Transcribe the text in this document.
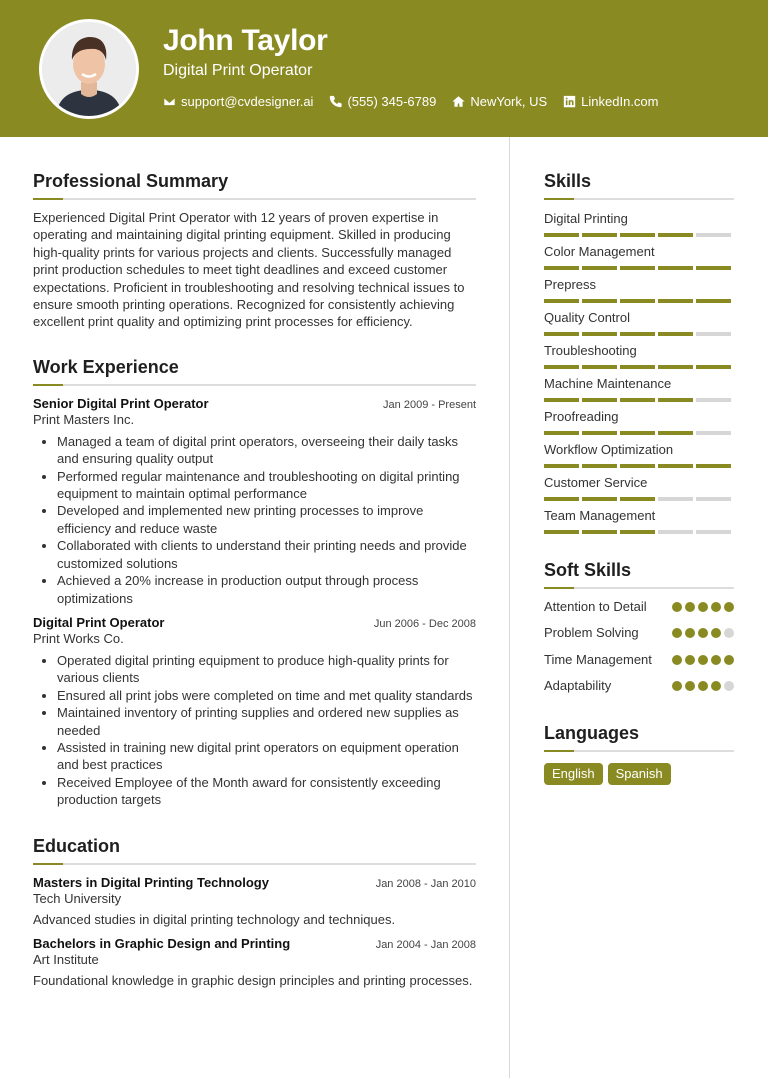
John Taylor
Digital Print Operator
support@cvdesigner.ai	(555) 345-6789	NewYork, US	LinkedIn.com
Professional Summary

Experienced Digital Print Operator with 12 years of proven expertise in operating and maintaining digital printing equipment. Skilled in producing high-quality prints for various projects and clients. Successfully managed print production schedules to meet tight deadlines and exceed customer expectations. Proficient in troubleshooting and resolving technical issues to ensure smooth printing operations. Recognized for consistently achieving excellent print quality and optimizing print processes for efficiency.

Work Experience
Senior Digital Print Operator	Jan 2009 - Present
Print Masters Inc.
• Managed a team of digital print operators, overseeing their daily tasks and ensuring quality output
• Performed regular maintenance and troubleshooting on digital printing equipment to maintain optimal performance
• Developed and implemented new printing processes to improve efficiency and reduce waste
• Collaborated with clients to understand their printing needs and provide customized solutions
• Achieved a 20% increase in production output through process optimizations
Digital Print Operator	Jun 2006 - Dec 2008
Print Works Co.
• Operated digital printing equipment to produce high-quality prints for various clients
• Ensured all print jobs were completed on time and met quality standards
• Maintained inventory of printing supplies and ordered new supplies as needed
• Assisted in training new digital print operators on equipment operation and best practices
• Received Employee of the Month award for consistently exceeding production targets
Education
Masters in Digital Printing Technology	Jan 2008 - Jan 2010
Tech University
Advanced studies in digital printing technology and techniques.
Bachelors in Graphic Design and Printing	Jan 2004 - Jan 2008
Art Institute
Foundational knowledge in graphic design principles and printing processes.
Skills
Digital Printing
Color Management
Prepress
Quality Control
Troubleshooting
Machine Maintenance
Proofreading
Workflow Optimization
Customer Service
Team Management
Soft Skills
Attention to Detail
Problem Solving
Time Management
Adaptability
Languages
English	Spanish
